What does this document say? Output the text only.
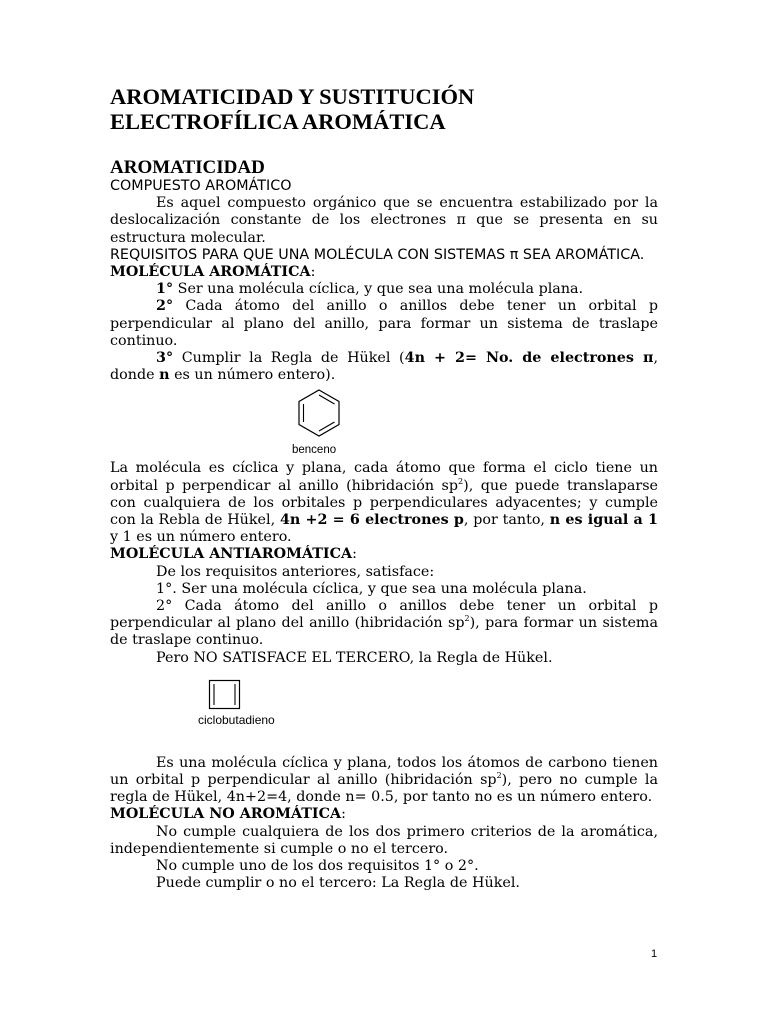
AROMATICIDAD Y SUSTITUCIÓN
ELECTROFÍLICA AROMÁTICA
AROMATICIDAD

COMPUESTO AROMÁTICO

Es aquel compuesto orgánico que se encuentra estabilizado por la deslocalización constante de los electrones π que se presenta en su estructura molecular.

REQUISITOS PARA QUE UNA MOLÉCULA CON SISTEMAS π SEA AROMÁTICA.

MOLÉCULA AROMÁTICA:

1° Ser una molécula cíclica, y que sea una molécula plana.

2° Cada átomo del anillo o anillos debe tener un orbital p perpendicular al plano del anillo, para formar un sistema de traslape continuo.

3° Cumplir la Regla de Hükel (4n + 2= No. de electrones π, donde n es un número entero).

benceno

La molécula es cíclica y plana, cada átomo que forma el ciclo tiene un orbital p perpendicar al anillo (hibridación $sp^2$), que puede translaparse con cualquiera de los orbitales p perpendiculares adyacentes; y cumple con la Rebla de Hükel, 4n +2 = 6 electrones p, por tanto, n es igual a 1 y 1 es un número entero.

MOLÉCULA ANTIAROMÁTICA:

De los requisitos anteriores, satisface:

1°. Ser una molécula cíclica, y que sea una molécula plana.

2° Cada átomo del anillo o anillos debe tener un orbital p perpendicular al plano del anillo (hibridación $sp^2$), para formar un sistema de traslape continuo.

Pero NO SATISFACE EL TERCERO, la Regla de Hükel.

ciclobutadieno

Es una molécula cíclica y plana, todos los átomos de carbono tienen un orbital p perpendicular al anillo (hibridación $sp^2$), pero no cumple la regla de Hükel, 4n+2=4, donde n= 0.5, por tanto no es un número entero.

MOLÉCULA NO AROMÁTICA:

No cumple cualquiera de los dos primero criterios de la aromática, independientemente si cumple o no el tercero.

No cumple uno de los dos requisitos 1° o 2°.

Puede cumplir o no el tercero: La Regla de Hükel.

1
